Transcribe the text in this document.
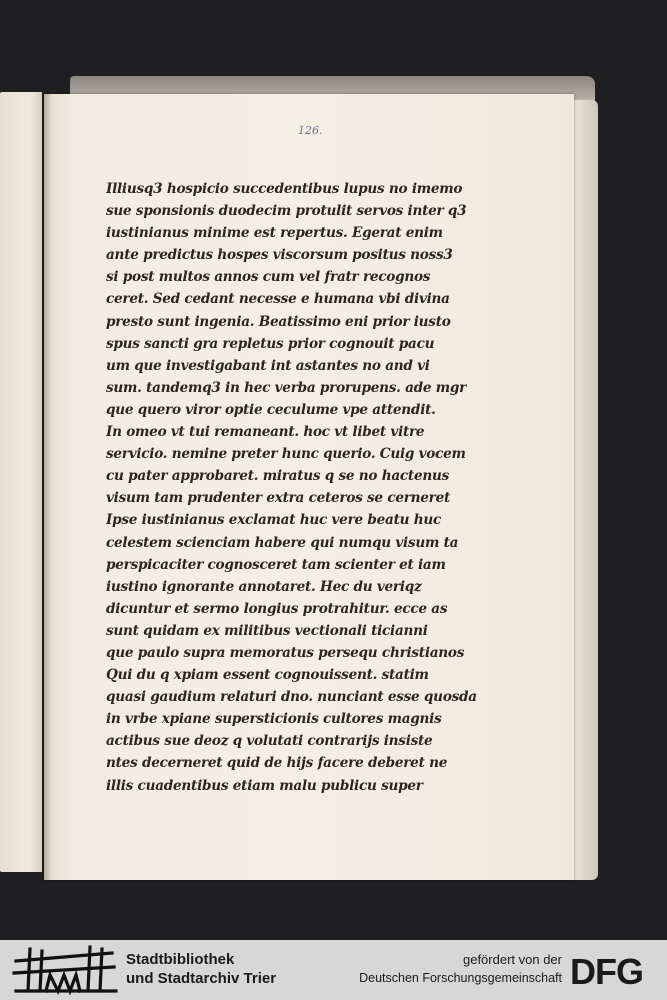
126.
Illiusq3 hospicio succedentibus lupus no imemo
sue sponsionis duodecim protulit servos inter q3
iustinianus minime est repertus. Egerat enim
ante predictus hospes viscorsum positus noss3
si post multos annos cum vel fratr recognos
ceret. Sed cedant necesse e humana vbi divina
presto sunt ingenia. Beatissimo eni prior iusto
spus sancti gra repletus prior cognouit pacu
um que investigabant int astantes no and vi
sum. tandemq3 in hec verba prorupens. ade mgr
que quero viror optie ceculume vpe attendit.
In omeo vt tui remaneant. hoc vt libet vitre
servicio. nemine preter hunc querio. Cuig vocem
cu pater approbaret. miratus q se no hactenus
visum tam prudenter extra ceteros se cerneret
Ipse iustinianus exclamat huc vere beatu huc
celestem scienciam habere qui numqu visum ta
perspicaciter cognosceret tam scienter et iam
iustino ignorante annotaret. Hec du veriqz
dicuntur et sermo longius protrahitur. ecce as
sunt quidam ex militibus vectionali ticianni
que paulo supra memoratus persequ christianos
Qui du q xpiam essent cognouissent. statim
quasi gaudium relaturi dno. nunciant esse quosda
in vrbe xpiane supersticionis cultores magnis
actibus sue deoz q volutati contrarijs insiste
ntes decerneret quid de hijs facere deberet ne
illis cuadentibus etiam malu publicu super
Stadtbibliothek
und Stadtarchiv Trier
gefördert von der
Deutschen Forschungsgemeinschaft DFG
